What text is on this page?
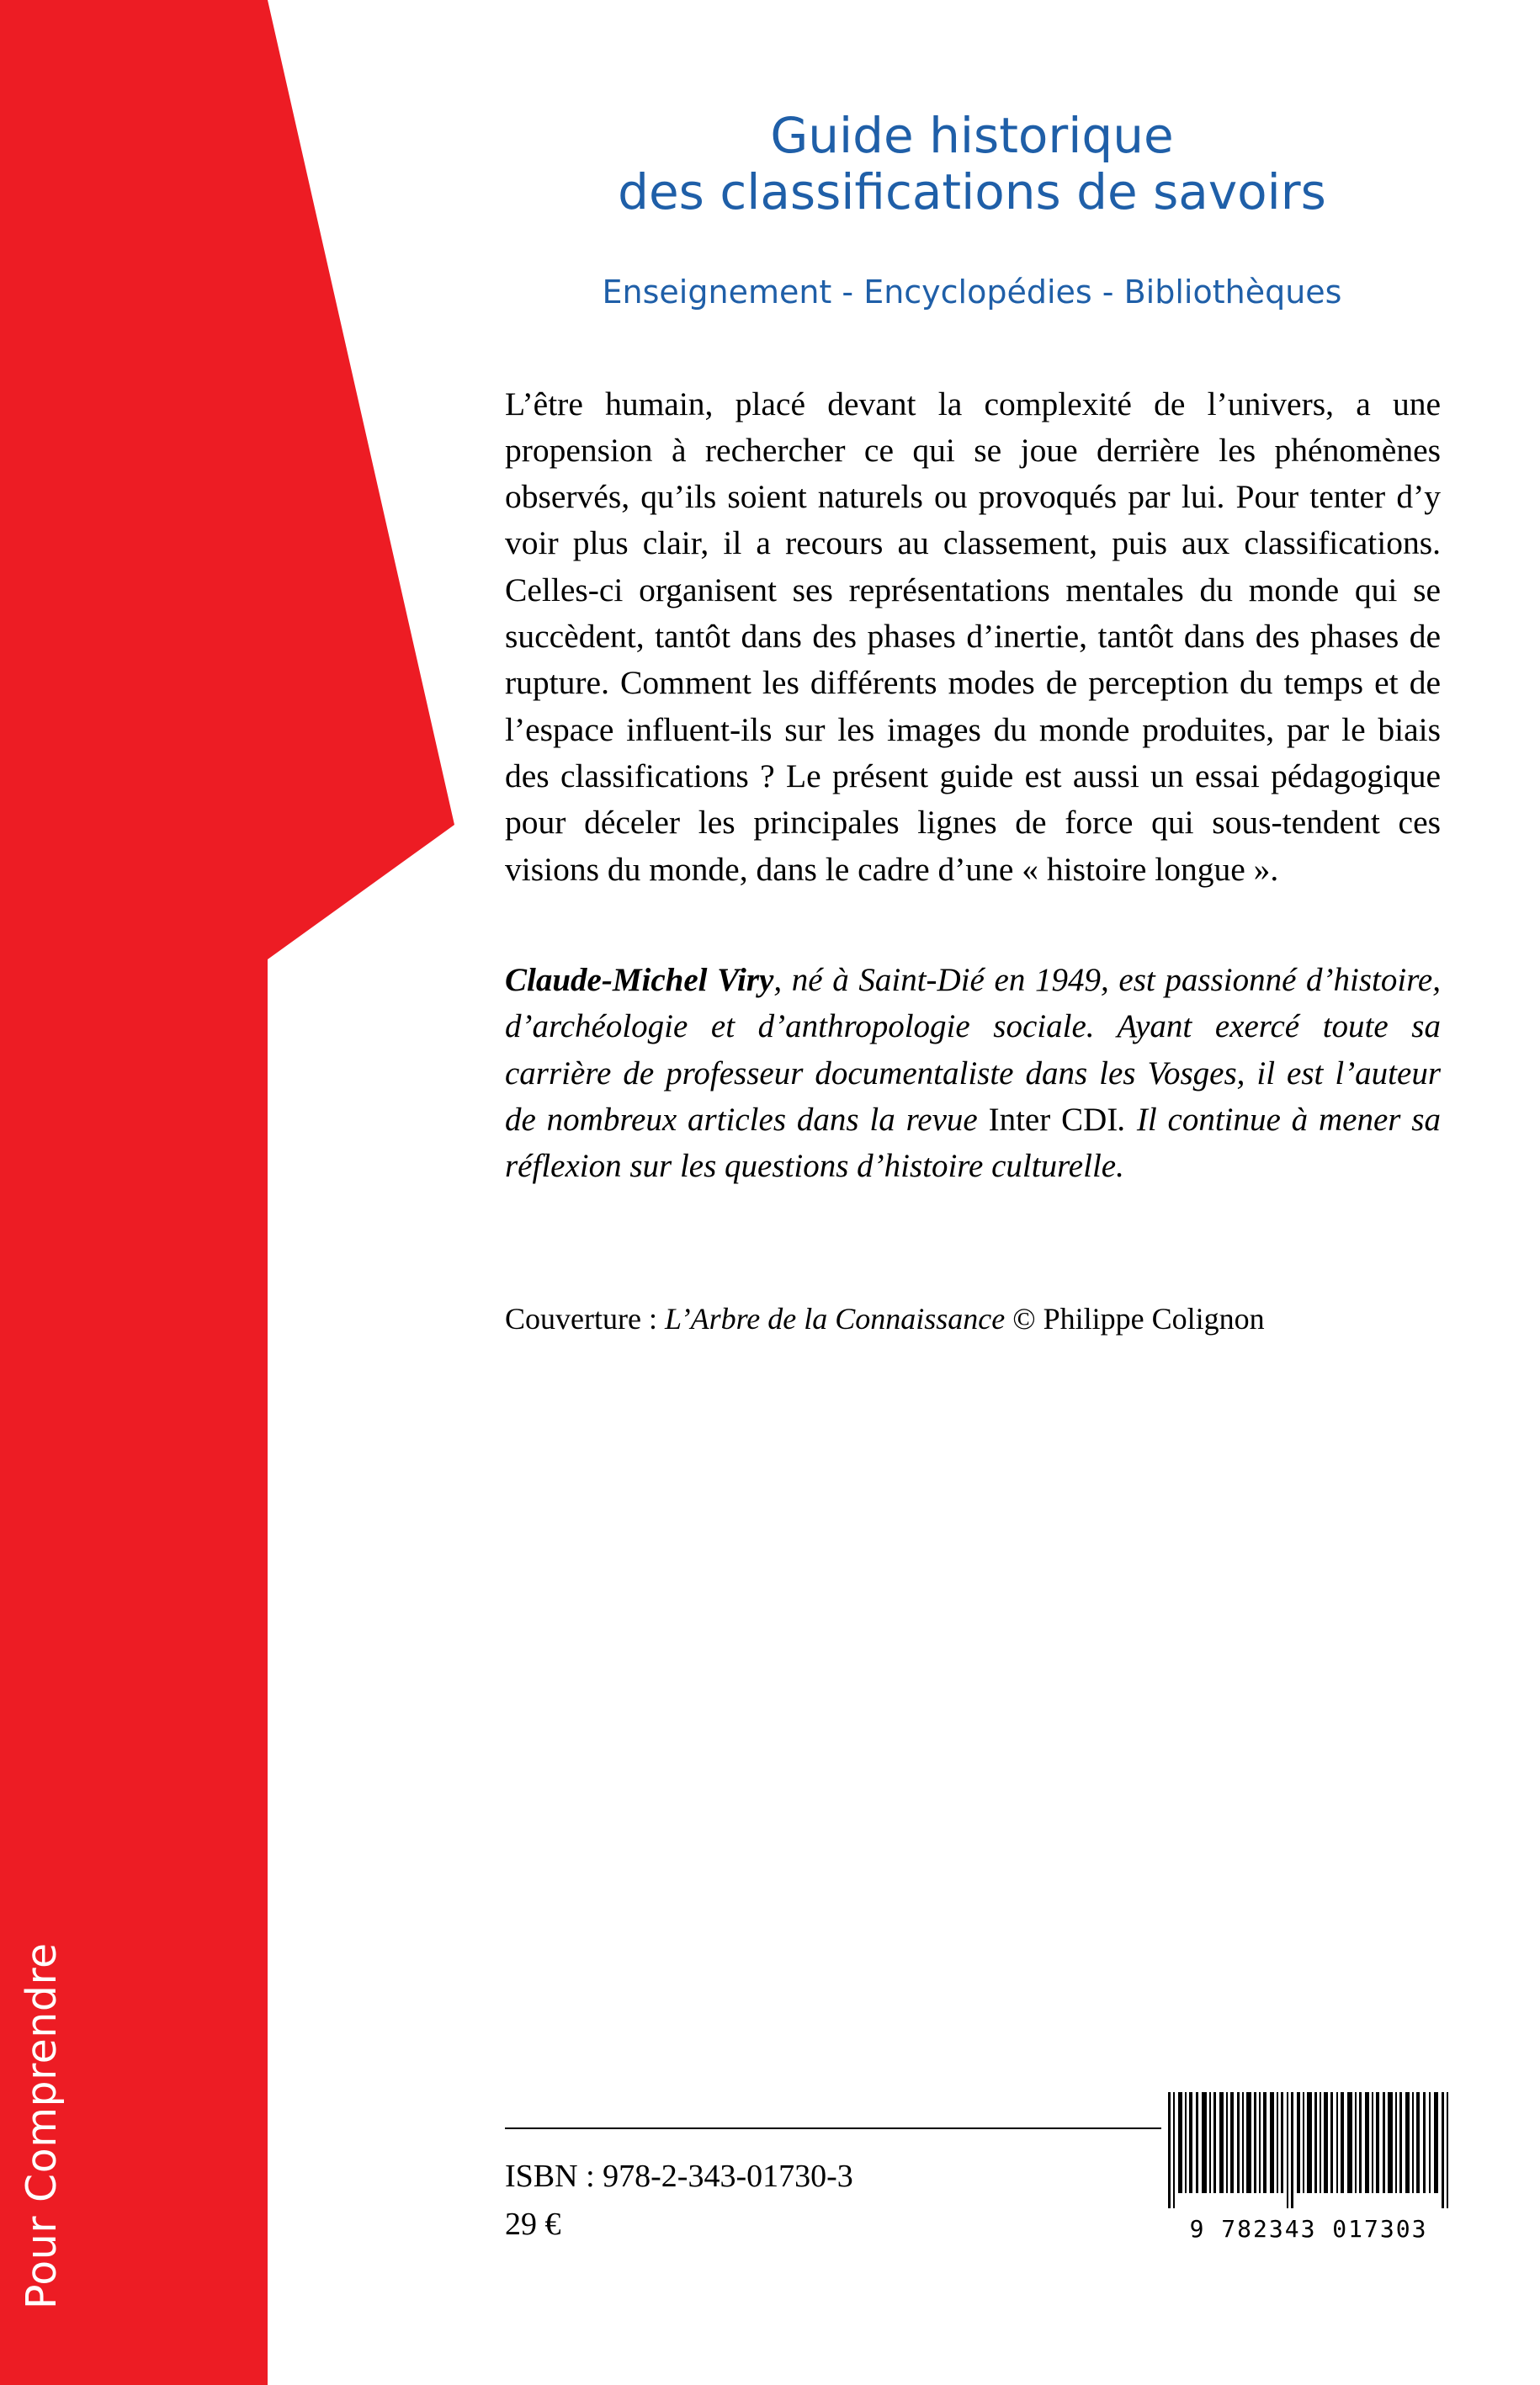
Pour Comprendre
Guide historique
des classifications de savoirs
Enseignement - Encyclopédies - Bibliothèques
L’être humain, placé devant la complexité de l’univers, a une propension à rechercher ce qui se joue derrière les phénomènes observés, qu’ils soient naturels ou provoqués par lui. Pour tenter d’y voir plus clair, il a recours au classement, puis aux classifications. Celles-ci organisent ses représentations mentales du monde qui se succèdent, tantôt dans des phases d’inertie, tantôt dans des phases de rupture. Comment les différents modes de perception du temps et de l’espace influent-ils sur les images du monde produites, par le biais des classifications ? Le présent guide est aussi un essai pédagogique pour déceler les principales lignes de force qui sous-tendent ces visions du monde, dans le cadre d’une « histoire longue ».
Claude-Michel Viry, né à Saint-Dié en 1949, est passionné d’histoire, d’archéologie et d’anthropologie sociale. Ayant exercé toute sa carrière de professeur documentaliste dans les Vosges, il est l’auteur de nombreux articles dans la revue Inter CDI. Il continue à mener sa réflexion sur les questions d’histoire culturelle.
Couverture : L’Arbre de la Connaissance © Philippe Colignon
ISBN : 978-2-343-01730-3
29 €	9 782343 017303
